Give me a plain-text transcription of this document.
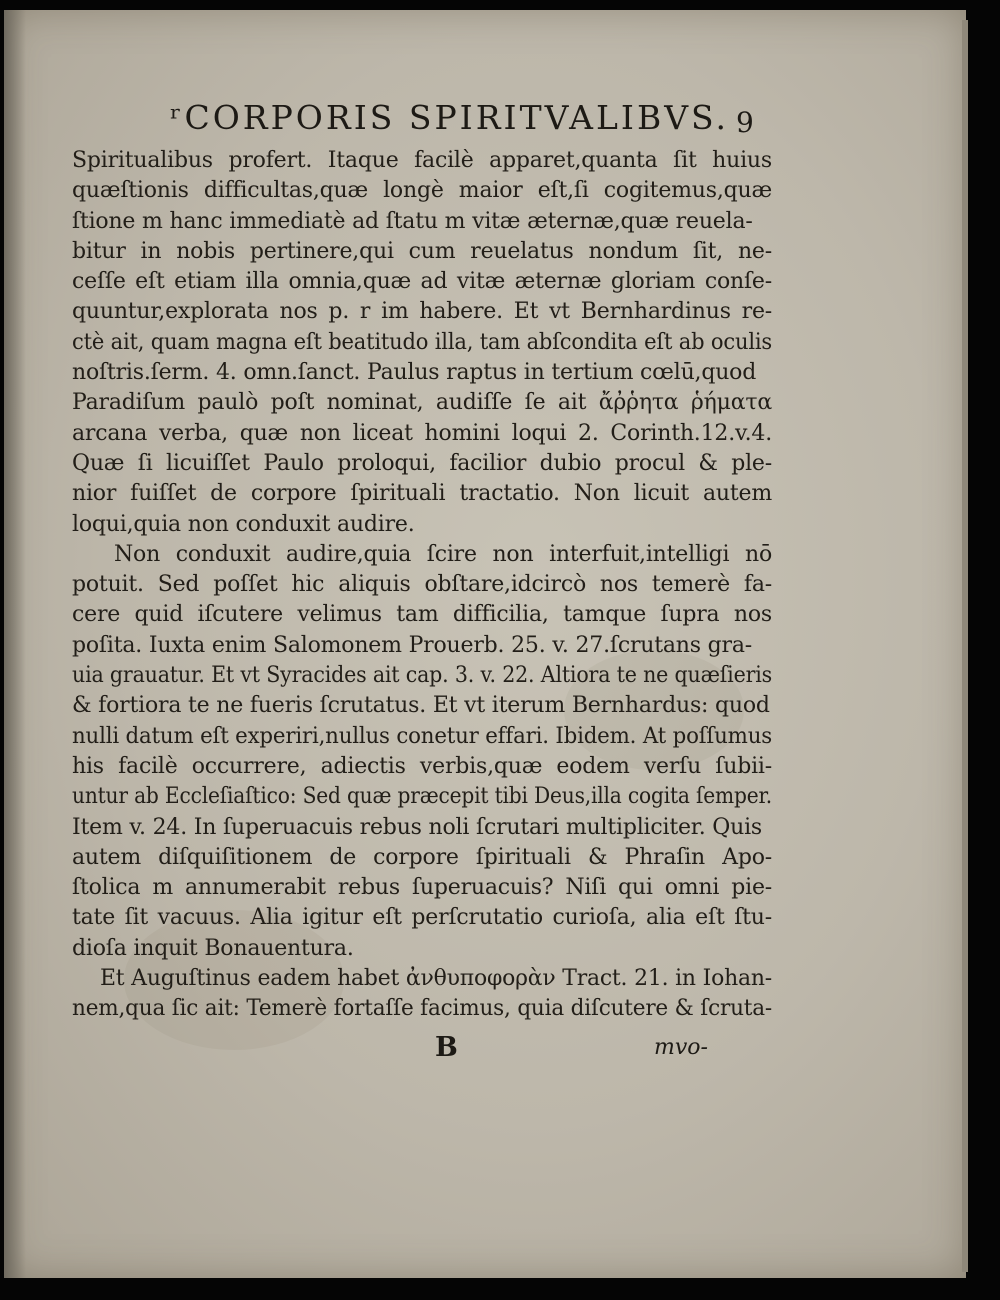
ʳCORPORIS SPIRITVALIBVS. 9
Spiritualibus profert. Itaque facilè apparet,quanta ſit huius
quæſtionis difficultas,quæ longè maior eſt,ſi cogitemus,quæ
ſtione m hanc immediatè ad ſtatu m vitæ æternæ,quæ reuela-
bitur in nobis pertinere,qui cum reuelatus nondum ſit, ne-
ceſſe eſt etiam illa omnia,quæ ad vitæ æternæ gloriam conſe-
quuntur,explorata nos p. r im habere. Et vt Bernhardinus re-
ctè ait, quam magna eſt beatitudo illa, tam abſcondita eſt ab oculis
noſtris.ſerm. 4. omn.ſanct. Paulus raptus in tertium cœlū,quod
Paradiſum paulò poſt nominat, audiſſe ſe ait ἄῤῥητα ῥήματα
arcana verba, quæ non liceat homini loqui 2. Corinth.12.v.4.
Quæ ſi licuiſſet Paulo proloqui, facilior dubio procul & ple-
nior fuiſſet de corpore ſpirituali tractatio. Non licuit autem
loqui,quia non conduxit audire.
Non conduxit audire,quia ſcire non interfuit,intelligi nō
potuit. Sed poſſet hic aliquis obſtare,idcircò nos temerè fa-
cere quid iſcutere velimus tam difficilia, tamque ſupra nos
poſita. Iuxta enim Salomonem Prouerb. 25. v. 27.ſcrutans gra-
uia grauatur. Et vt Syracides ait cap. 3. v. 22. Altiora te ne quæſieris
& fortiora te ne fueris ſcrutatus. Et vt iterum Bernhardus: quod
nulli datum eſt experiri,nullus conetur effari. Ibidem. At poſſumus
his facilè occurrere, adiectis verbis,quæ eodem verſu ſubii-
untur ab Eccleſiaſtico: Sed quæ præcepit tibi Deus,illa cogita ſemper.
Item v. 24. In ſuperuacuis rebus noli ſcrutari multipliciter. Quis
autem diſquiſitionem de corpore ſpirituali & Phraſin Apo-
ſtolica m annumerabit rebus ſuperuacuis? Niſi qui omni pie-
tate ſit vacuus. Alia igitur eſt perſcrutatio curioſa, alia eſt ſtu-
dioſa inquit Bonauentura.
Et Auguſtinus eadem habet ἀνθυποφορὰν Tract. 21. in Iohan-
nem,qua ſic ait: Temerè fortaſſe facimus, quia diſcutere & ſcruta-
B	mvo-
